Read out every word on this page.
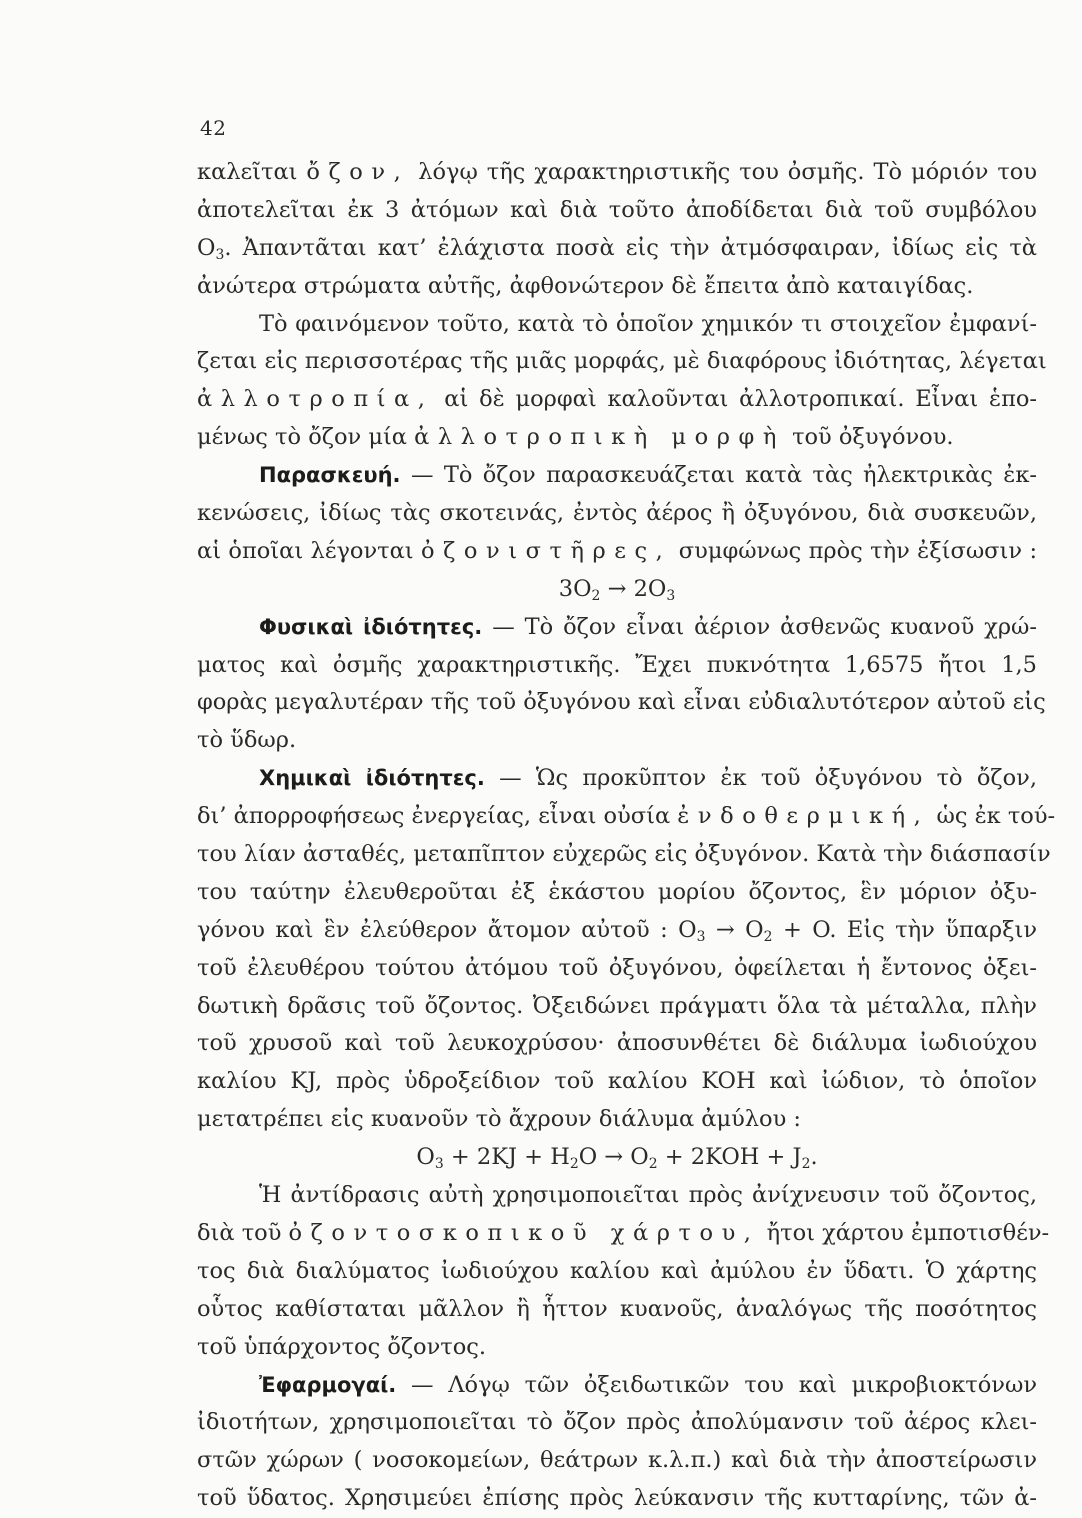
42
καλεῖται ὄζον, λόγῳ τῆς χαρακτηριστικῆς του ὀσμῆς. Τὸ μόριόν του
ἀποτελεῖται ἐκ 3 ἀτόμων καὶ διὰ τοῦτο ἀποδίδεται διὰ τοῦ συμβόλου
$O_3$. Ἀπαντᾶται κατ’ ἐλάχιστα ποσὰ εἰς τὴν ἀτμόσφαιραν, ἰδίως εἰς τὰ
ἀνώτερα στρώματα αὐτῆς, ἀφθονώτερον δὲ ἔπειτα ἀπὸ καταιγίδας.
Τὸ φαινόμενον τοῦτο, κατὰ τὸ ὁποῖον χημικόν τι στοιχεῖον ἐμφανί-
ζεται εἰς περισσοτέρας τῆς μιᾶς μορφάς, μὲ διαφόρους ἰδιότητας, λέγεται
ἀλλοτροπία, αἱ δὲ μορφαὶ καλοῦνται ἀλλοτροπικαί. Εἶναι ἑπο-
μένως τὸ ὄζον μία ἀλλοτροπικὴ μορφὴ τοῦ ὀξυγόνου.
Παρασκευή. — Τὸ ὄζον παρασκευάζεται κατὰ τὰς ἠλεκτρικὰς ἐκ-
κενώσεις, ἰδίως τὰς σκοτεινάς, ἐντὸς ἀέρος ἢ ὀξυγόνου, διὰ συσκευῶν,
αἱ ὁποῖαι λέγονται ὀζονιστῆρες, συμφώνως πρὸς τὴν ἐξίσωσιν :
$3O_2 \to 2O_3$
Φυσικαὶ ἰδιότητες. — Τὸ ὄζον εἶναι ἀέριον ἀσθενῶς κυανοῦ χρώ-
ματος καὶ ὀσμῆς χαρακτηριστικῆς. Ἔχει πυκνότητα 1,6575 ἤτοι 1,5
φορὰς μεγαλυτέραν τῆς τοῦ ὀξυγόνου καὶ εἶναι εὐδιαλυτότερον αὐτοῦ εἰς
τὸ ὕδωρ.
Χημικαὶ ἰδιότητες. — Ὡς προκῦπτον ἐκ τοῦ ὀξυγόνου τὸ ὄζον,
δι’ ἀπορροφήσεως ἐνεργείας, εἶναι οὐσία ἐνδοθερμική, ὡς ἐκ τού-
του λίαν ἀσταθές, μεταπῖπτον εὐχερῶς εἰς ὀξυγόνον. Κατὰ τὴν διάσπασίν
του ταύτην ἐλευθεροῦται ἐξ ἑκάστου μορίου ὄζοντος, ἓν μόριον ὀξυ-
γόνου καὶ ἓν ἐλεύθερον ἄτομον αὐτοῦ : $O_3 \to O_2 + O$. Εἰς τὴν ὕπαρξιν
τοῦ ἐλευθέρου τούτου ἀτόμου τοῦ ὀξυγόνου, ὀφείλεται ἡ ἔντονος ὀξει-
δωτικὴ δρᾶσις τοῦ ὄζοντος. Ὀξειδώνει πράγματι ὅλα τὰ μέταλλα, πλὴν
τοῦ χρυσοῦ καὶ τοῦ λευκοχρύσου· ἀποσυνθέτει δὲ διάλυμα ἰωδιούχου
καλίου KJ, πρὸς ὑδροξείδιον τοῦ καλίου KOH καὶ ἰώδιον, τὸ ὁποῖον
μετατρέπει εἰς κυανοῦν τὸ ἄχρουν διάλυμα ἀμύλου :
$O_3 + 2KJ + H_2O \to O_2 + 2KOH + J_2$.
Ἡ ἀντίδρασις αὐτὴ χρησιμοποιεῖται πρὸς ἀνίχνευσιν τοῦ ὄζοντος,
διὰ τοῦ ὀζοντοσκοπικοῦ χάρτου, ἤτοι χάρτου ἐμποτισθέν-
τος διὰ διαλύματος ἰωδιούχου καλίου καὶ ἀμύλου ἐν ὕδατι. Ὁ χάρτης
οὗτος καθίσταται μᾶλλον ἢ ἧττον κυανοῦς, ἀναλόγως τῆς ποσότητος
τοῦ ὑπάρχοντος ὄζοντος.
Ἐφαρμογαί. — Λόγῳ τῶν ὀξειδωτικῶν του καὶ μικροβιοκτόνων
ἰδιοτήτων, χρησιμοποιεῖται τὸ ὄζον πρὸς ἀπολύμανσιν τοῦ ἀέρος κλει-
στῶν χώρων ( νοσοκομείων, θεάτρων κ.λ.π.) καὶ διὰ τὴν ἀποστείρωσιν
τοῦ ὕδατος. Χρησιμεύει ἐπίσης πρὸς λεύκανσιν τῆς κυτταρίνης, τῶν ἀ-
